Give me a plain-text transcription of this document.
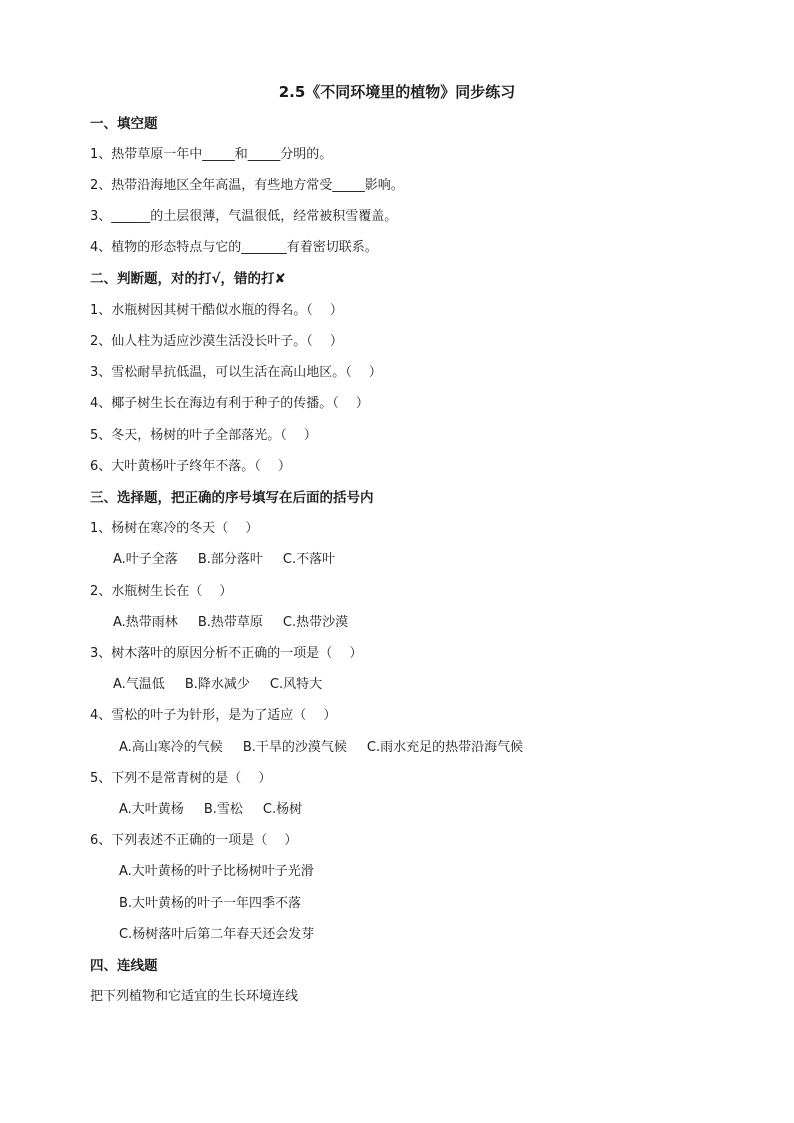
2.5《不同环境里的植物》同步练习
一、填空题
1、热带草原一年中_____和_____分明的。
2、热带沿海地区全年高温，有些地方常受_____影响。
3、______的土层很薄，气温很低，经常被积雪覆盖。
4、植物的形态特点与它的_______有着密切联系。
二、判断题，对的打√，错的打✘
1、水瓶树因其树干酷似水瓶的得名。（　 ）
2、仙人柱为适应沙漠生活没长叶子。（　 ）
3、雪松耐旱抗低温，可以生活在高山地区。（　 ）
4、椰子树生长在海边有利于种子的传播。（　 ）
5、冬天，杨树的叶子全部落光。（　 ）
6、大叶黄杨叶子终年不落。（　 ）
三、选择题，把正确的序号填写在后面的括号内
1、杨树在寒冷的冬天（　 ）
A.叶子全落 B.部分落叶 C.不落叶
2、水瓶树生长在（　 ）
A.热带雨林 B.热带草原 C.热带沙漠
3、树木落叶的原因分析不正确的一项是（　 ）
A.气温低 B.降水减少 C.风特大
4、雪松的叶子为针形，是为了适应（　 ）
A.高山寒冷的气候 B.干旱的沙漠气候 C.雨水充足的热带沿海气候
5、下列不是常青树的是（　 ）
A.大叶黄杨 B.雪松 C.杨树
6、下列表述不正确的一项是（　 ）
A.大叶黄杨的叶子比杨树叶子光滑
B.大叶黄杨的叶子一年四季不落
C.杨树落叶后第二年春天还会发芽
四、连线题
把下列植物和它适宜的生长环境连线
